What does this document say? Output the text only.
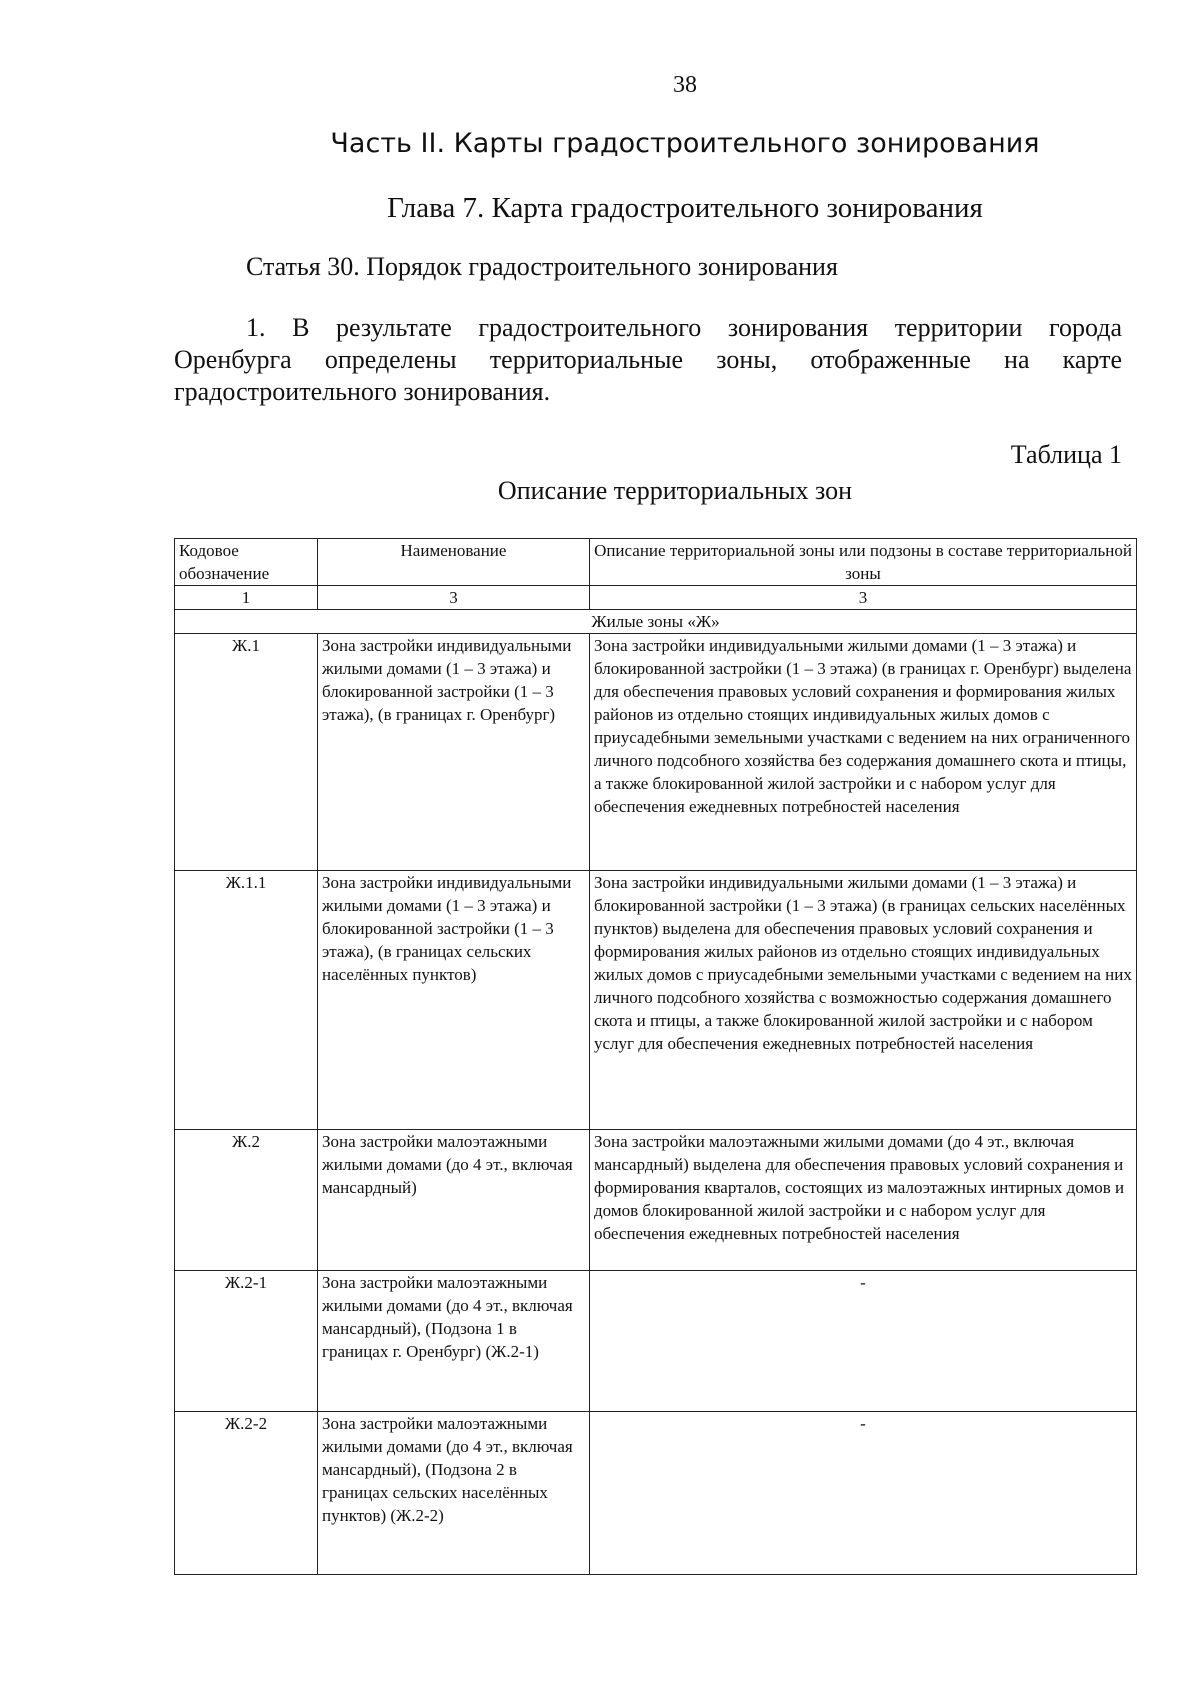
38
Часть II. Карты градостроительного зонирования
Глава 7. Карта градостроительного зонирования
Статья 30. Порядок градостроительного зонирования

1. В результате градостроительного зонирования территории города Оренбурга определены территориальные зоны, отображенные на карте градостроительного зонирования.

Таблица 1
Описание территориальных зон
Кодовое обозначение	Наименование	Описание территориальной зоны или подзоны в составе территориальной зоны
1	3	3
Жилые зоны «Ж»		
Ж.1	Зона застройки индивидуальными жилыми домами (1 – 3 этажа) и блокированной застройки (1 – 3 этажа), (в границах г. Оренбург)	Зона застройки индивидуальными жилыми домами (1 – 3 этажа) и блокированной застройки (1 – 3 этажа) (в границах г. Оренбург) выделена для обеспечения правовых условий сохранения и формирования жилых районов из отдельно стоящих индивидуальных жилых домов с приусадебными земельными участками с ведением на них ограниченного личного подсобного хозяйства без содержания домашнего скота и птицы, а также блокированной жилой застройки и с набором услуг для обеспечения ежедневных потребностей населения
Ж.1.1	Зона застройки индивидуальными жилыми домами (1 – 3 этажа) и блокированной застройки (1 – 3 этажа), (в границах сельских населённых пунктов)	Зона застройки индивидуальными жилыми домами (1 – 3 этажа) и блокированной застройки (1 – 3 этажа) (в границах сельских населённых пунктов) выделена для обеспечения правовых условий сохранения и формирования жилых районов из отдельно стоящих индивидуальных жилых домов с приусадебными земельными участками с ведением на них личного подсобного хозяйства с возможностью содержания домашнего скота и птицы, а также блокированной жилой застройки и с набором услуг для обеспечения ежедневных потребностей населения
Ж.2	Зона застройки малоэтажными жилыми домами (до 4 эт., включая мансардный)	Зона застройки малоэтажными жилыми домами (до 4 эт., включая мансардный) выделена для обеспечения правовых условий сохранения и формирования кварталов, состоящих из малоэтажных интирных домов и домов блокированной жилой застройки и с набором услуг для обеспечения ежедневных потребностей населения
Ж.2-1	Зона застройки малоэтажными жилыми домами (до 4 эт., включая мансардный), (Подзона 1 в границах г. Оренбург) (Ж.2-1)	-
Ж.2-2	Зона застройки малоэтажными жилыми домами (до 4 эт., включая мансардный), (Подзона 2 в границах сельских населённых пунктов) (Ж.2-2)	-
